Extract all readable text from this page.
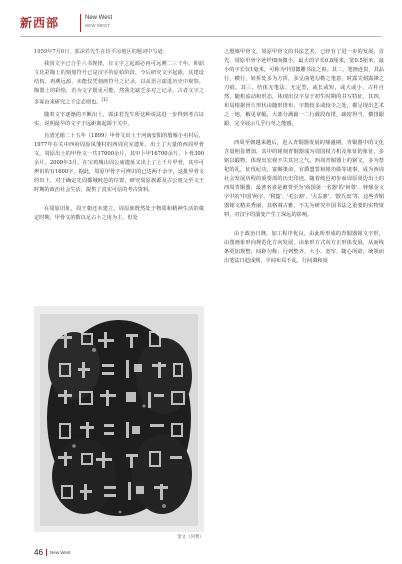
新西部	New West
NEW WEST

1959年7月6日，郭沫若先生在给平凉地区的题词中写道：

我国文字已合乎六书规律，有文字之起源必再可远溯二三千年。仰韶文化彩陶上的刻划符号已是汉字的原始阶段。今后研究文字起源，其建设结构，再溯远源，未能仅凭刻画符号之记录，以从语言演进历史中观察。陶器上的彩绘，若为文字既见可能，然我先缺乏多对之记录，古者文字之多寡由来研究之不定必则也。[1]

随着文字逐渐的不断出土，郭沫若先生所这种说法进一步得到考古证实，说明最早的文字于远距离起源于关中。

自清光绪二十五年（1899）甲骨文出土于河南安阳的殷墟小屯村后，1977年在关中西府周原凤雏村的西周宫室遗址，出土了大量的西周甲骨文。周原出土的甲骨文一共17000余片，其中卜甲16700余片，卜骨300余片。2009年3月，在宝鸡城山周公庙遗址又出土了上千片甲骨，其中可辨识的有1600字。据此，周原甲骨字可辨识的已达两千余字，这批甲骨文的出土，对于确定先周都城岐邑的位置，研究周原族源及古公亶父至文王时期的政治社会生活，提供了真实可信的考古资料。

在周原旧址，周王朝还未建立，周原族既然处于物质和精神生活的奠定时期，甲骨文的数以足占卜之用为主，但处

金文（何尊）

之殷墟甲骨文，周原甲骨文的书法艺术，已经有了进一步的发展。首先，周原甲骨字迹纤细而微小，最大的字长0.8厘米，宽0.5厘米，最小的字长仅1毫米，可称为中国微雕书法之祖。其二，笔画连贯，其品行，横行，转折处多为方折，多呈曲笔勾勒之笔意，时露尖刻露锋之刀痕。其三，结体无笔法、无定型，或长或短，或大或小，古朴自然，随机流动和形态，体现出汉字显于初生时期的书写特征。其四，布局根据骨片形状由随形排布，字数较多或较少之处，都呈现出艺术之一地，解见章幅，大部分满篇一二行截段布排，疏密得当，横排跟跟，完全展示几乎行草之能感。

西周至朝越来越后，进入青铜器发展的鼎盛期，青铜器中的文化含量明显增加。其中的铭刻青铜器成为周国权力机及象征的象征，多铭以锻物，体现出宏观不失其宫之气。西周青铜器上的铭文，多为祭祀的礼，征伐纪功，宴赐策命，官爵盟誓和铭功勋等诸事，成为西周社会发展历程的重要部的历史印迹。随着岐邑初步而周原周边出土的西周青铜器，最著名者是被誉至为'商国第一名器'的'何尊'。钟鼎金文字中的'中国'两字，'利簋'、'毛公鼎'、'大盂鼎'、'散氏盘'等。这些青铜器铭文精美秀丽，其格调古雅，不失为研究中国书法之重要的实物资料，对汉字的演变产生了深远的影响。

由于政治日隆，加工程序优良，由此所形成的青铜器铭文字形，由图画象形向规范化方向发展，由象形方式向方正形体发展，从而线条更加规整，间距匀称，行列整齐，大小、宽窄、随心所欲，统领而出笔法日趋成熟，字间布局不乱，行间调和度

46 New West
